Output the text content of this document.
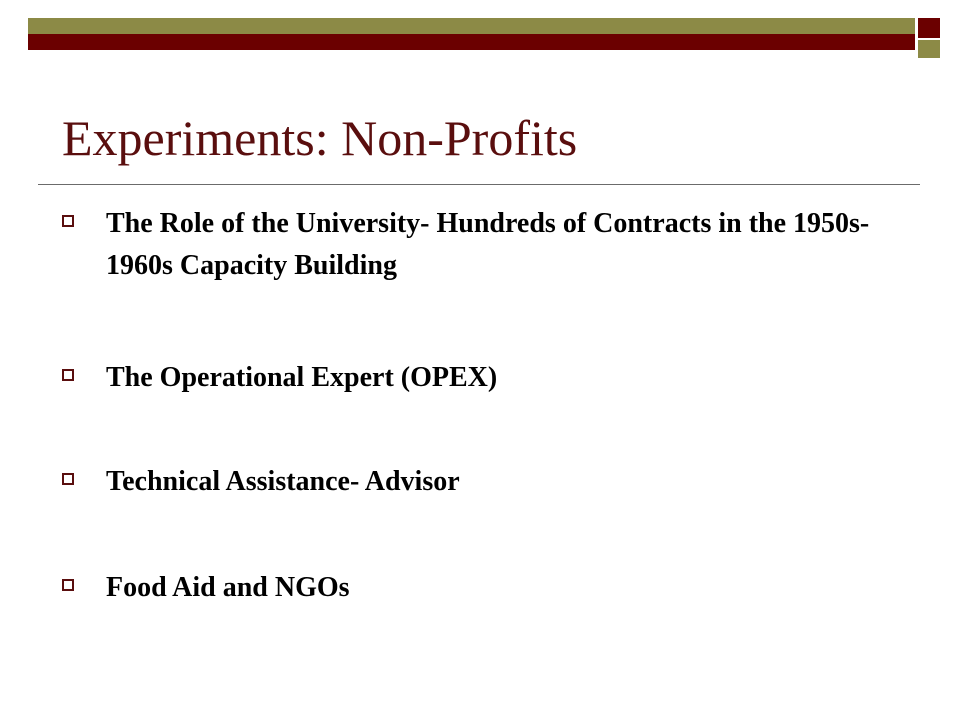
Experiments: Non-Profits
The Role of the University- Hundreds of Contracts in the 1950s-1960s Capacity Building
The Operational Expert (OPEX)
Technical Assistance- Advisor
Food Aid and NGOs
